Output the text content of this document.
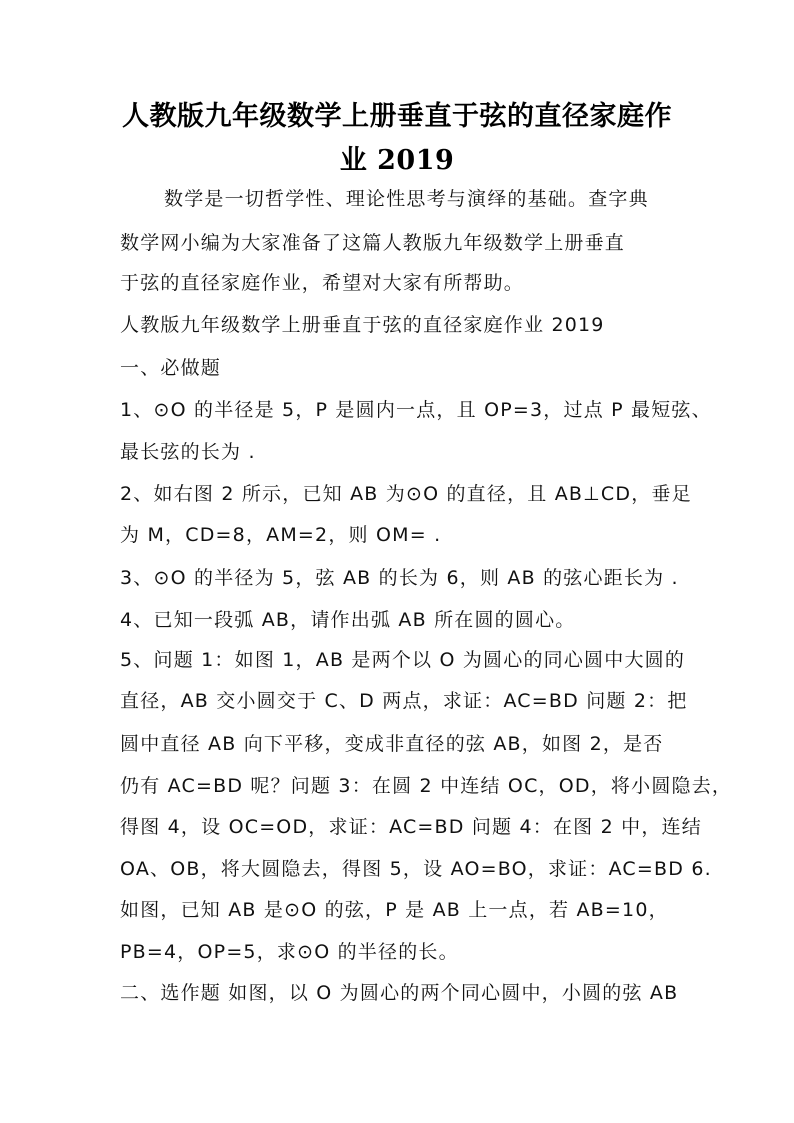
人教版九年级数学上册垂直于弦的直径家庭作
业 2019
数学是一切哲学性、理论性思考与演绎的基础。查字典
数学网小编为大家准备了这篇人教版九年级数学上册垂直
于弦的直径家庭作业，希望对大家有所帮助。
人教版九年级数学上册垂直于弦的直径家庭作业 2019
一、必做题
1、⊙O 的半径是 5，P 是圆内一点，且 OP=3，过点 P 最短弦、
最长弦的长为 .
2、如右图 2 所示，已知 AB 为⊙O 的直径，且 AB⊥CD，垂足
为 M，CD=8，AM=2，则 OM= .
3、⊙O 的半径为 5，弦 AB 的长为 6，则 AB 的弦心距长为 .
4、已知一段弧 AB，请作出弧 AB 所在圆的圆心。
5、问题 1：如图 1，AB 是两个以 O 为圆心的同心圆中大圆的
直径，AB 交小圆交于 C、D 两点，求证：AC=BD 问题 2：把
圆中直径 AB 向下平移，变成非直径的弦 AB，如图 2，是否
仍有 AC=BD 呢？问题 3：在圆 2 中连结 OC，OD，将小圆隐去，
得图 4，设 OC=OD，求证：AC=BD 问题 4：在图 2 中，连结
OA、OB，将大圆隐去，得图 5，设 AO=BO，求证：AC=BD 6.
如图，已知 AB 是⊙O 的弦，P 是 AB 上一点，若 AB=10，
PB=4，OP=5，求⊙O 的半径的长。
二、选作题 如图，以 O 为圆心的两个同心圆中，小圆的弦 AB
